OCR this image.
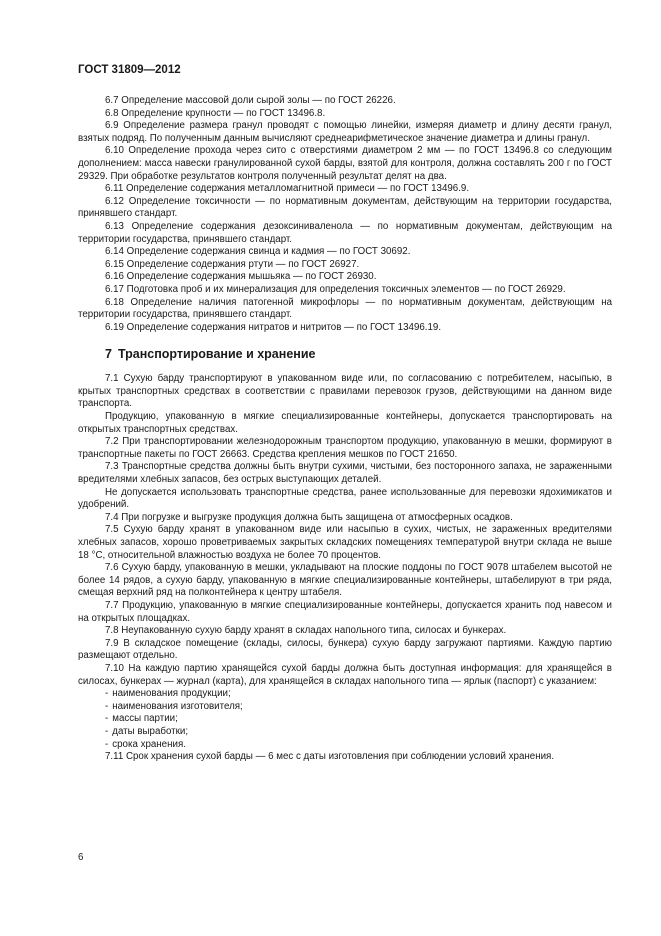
ГОСТ 31809—2012

6.7 Определение массовой доли сырой золы — по ГОСТ 26226.

6.8 Определение крупности — по ГОСТ 13496.8.

6.9 Определение размера гранул проводят с помощью линейки, измеряя диаметр и длину десяти гранул, взятых подряд. По полученным данным вычисляют среднеарифметическое значение диаметра и длины гранул.

6.10 Определение прохода через сито с отверстиями диаметром 2 мм — по ГОСТ 13496.8 со следующим дополнением: масса навески гранулированной сухой барды, взятой для контроля, должна составлять 200 г по ГОСТ 29329. При обработке результатов контроля полученный результат делят на два.

6.11 Определение содержания металломагнитной примеси — по ГОСТ 13496.9.

6.12 Определение токсичности — по нормативным документам, действующим на территории государства, принявшего стандарт.

6.13 Определение содержания дезоксиниваленола — по нормативным документам, действующим на территории государства, принявшего стандарт.

6.14 Определение содержания свинца и кадмия — по ГОСТ 30692.

6.15 Определение содержания ртути — по ГОСТ 26927.

6.16 Определение содержания мышьяка — по ГОСТ 26930.

6.17 Подготовка проб и их минерализация для определения токсичных элементов — по ГОСТ 26929.

6.18 Определение наличия патогенной микрофлоры — по нормативным документам, действующим на территории государства, принявшего стандарт.

6.19 Определение содержания нитратов и нитритов — по ГОСТ 13496.19.

7 Транспортирование и хранение

7.1 Сухую барду транспортируют в упакованном виде или, по согласованию с потребителем, насыпью, в крытых транспортных средствах в соответствии с правилами перевозок грузов, действующими на данном виде транспорта.

Продукцию, упакованную в мягкие специализированные контейнеры, допускается транспортировать на открытых транспортных средствах.

7.2 При транспортировании железнодорожным транспортом продукцию, упакованную в мешки, формируют в транспортные пакеты по ГОСТ 26663. Средства крепления мешков по ГОСТ 21650.

7.3 Транспортные средства должны быть внутри сухими, чистыми, без посторонного запаха, не зараженными вредителями хлебных запасов, без острых выступающих деталей.

Не допускается использовать транспортные средства, ранее использованные для перевозки ядохимикатов и удобрений.

7.4 При погрузке и выгрузке продукция должна быть защищена от атмосферных осадков.

7.5 Сухую барду хранят в упакованном виде или насыпью в сухих, чистых, не зараженных вредителями хлебных запасов, хорошо проветриваемых закрытых складских помещениях температурой внутри склада не выше 18 °С, относительной влажностью воздуха не более 70 процентов.

7.6 Сухую барду, упакованную в мешки, укладывают на плоские поддоны по ГОСТ 9078 штабелем высотой не более 14 рядов, а сухую барду, упакованную в мягкие специализированные контейнеры, штабелируют в три ряда, смещая верхний ряд на полконтейнера к центру штабеля.

7.7 Продукцию, упакованную в мягкие специализированные контейнеры, допускается хранить под навесом и на открытых площадках.

7.8 Неупакованную сухую барду хранят в складах напольного типа, силосах и бункерах.

7.9 В складское помещение (склады, силосы, бункера) сухую барду загружают партиями. Каждую партию размещают отдельно.

7.10 На каждую партию хранящейся сухой барды должна быть доступная информация: для хранящейся в силосах, бункерах — журнал (карта), для хранящейся в складах напольного типа — ярлык (паспорт) с указанием:

- наименования продукции;

- наименования изготовителя;

- массы партии;

- даты выработки;

- срока хранения.

7.11 Срок хранения сухой барды — 6 мес с даты изготовления при соблюдении условий хранения.

6
